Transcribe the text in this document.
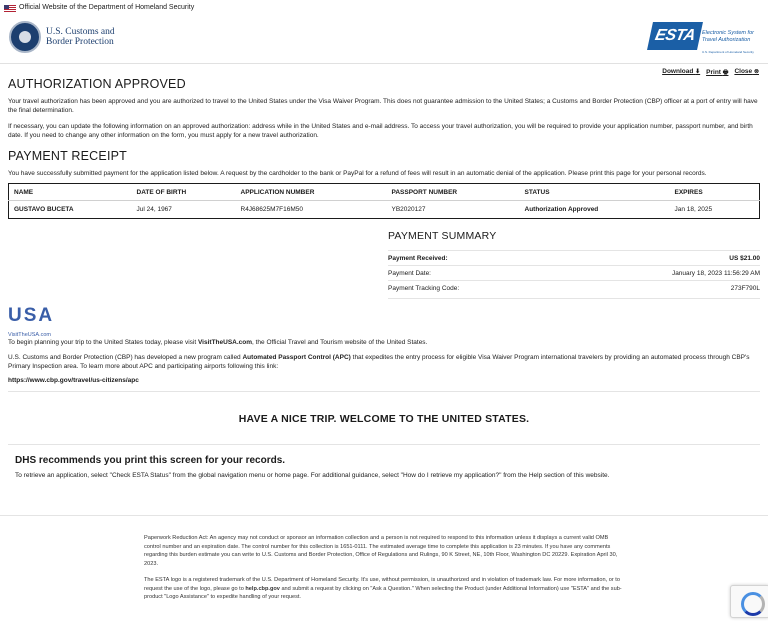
Official Website of the Department of Homeland Security
U.S. Customs and
Border Protection	ESTA Electronic System for
Travel Authorization
U.S. Department of Homeland Security
Download ⬇ Print 🖶 Close ⊗
AUTHORIZATION APPROVED

Your travel authorization has been approved and you are authorized to travel to the United States under the Visa Waiver Program. This does not guarantee admission to the United States; a Customs and Border Protection (CBP) officer at a port of entry will have the final determination.

If necessary, you can update the following information on an approved authorization: address while in the United States and e-mail address. To access your travel authorization, you will be required to provide your application number, passport number, and birth date. If you need to change any other information on the form, you must apply for a new travel authorization.

PAYMENT RECEIPT

You have successfully submitted payment for the application listed below. A request by the cardholder to the bank or PayPal for a refund of fees will result in an automatic denial of the application. Please print this page for your personal records.

NAME	DATE OF BIRTH	APPLICATION NUMBER	PASSPORT NUMBER	STATUS	EXPIRES
GUSTAVO BUCETA	Jul 24, 1967	R4J68625M7F16M50	YB2020127	Authorization Approved	Jan 18, 2025
PAYMENT SUMMARY
Payment Received:	US $21.00
Payment Date:	January 18, 2023 11:56:29 AM
Payment Tracking Code:	273F790L
USA
VisitTheUSA.com

To begin planning your trip to the United States today, please visit VisitTheUSA.com, the Official Travel and Tourism website of the United States.

U.S. Customs and Border Protection (CBP) has developed a new program called Automated Passport Control (APC) that expedites the entry process for eligible Visa Waiver Program international travelers by providing an automated process through CBP's Primary Inspection area. To learn more about APC and participating airports following this link:

https://www.cbp.gov/travel/us-citizens/apc
HAVE A NICE TRIP. WELCOME TO THE UNITED STATES.
DHS recommends you print this screen for your records.
To retrieve an application, select "Check ESTA Status" from the global navigation menu or home page. For additional guidance, select "How do I retrieve my application?" from the Help section of this website.

Paperwork Reduction Act: An agency may not conduct or sponsor an information collection and a person is not required to respond to this information unless it displays a current valid OMB control number and an expiration date. The control number for this collection is 1651-0111. The estimated average time to complete this application is 23 minutes. If you have any comments regarding this burden estimate you can write to U.S. Customs and Border Protection, Office of Regulations and Rulings, 90 K Street, NE, 10th Floor, Washington DC 20229. Expiration April 30, 2023.

The ESTA logo is a registered trademark of the U.S. Department of Homeland Security. It's use, without permission, is unauthorized and in violation of trademark law. For more information, or to request the use of the logo, please go to help.cbp.gov and submit a request by clicking on "Ask a Question." When selecting the Product (under Additional Information) use "ESTA" and the sub-product "Logo Assistance" to expedite handling of your request.
